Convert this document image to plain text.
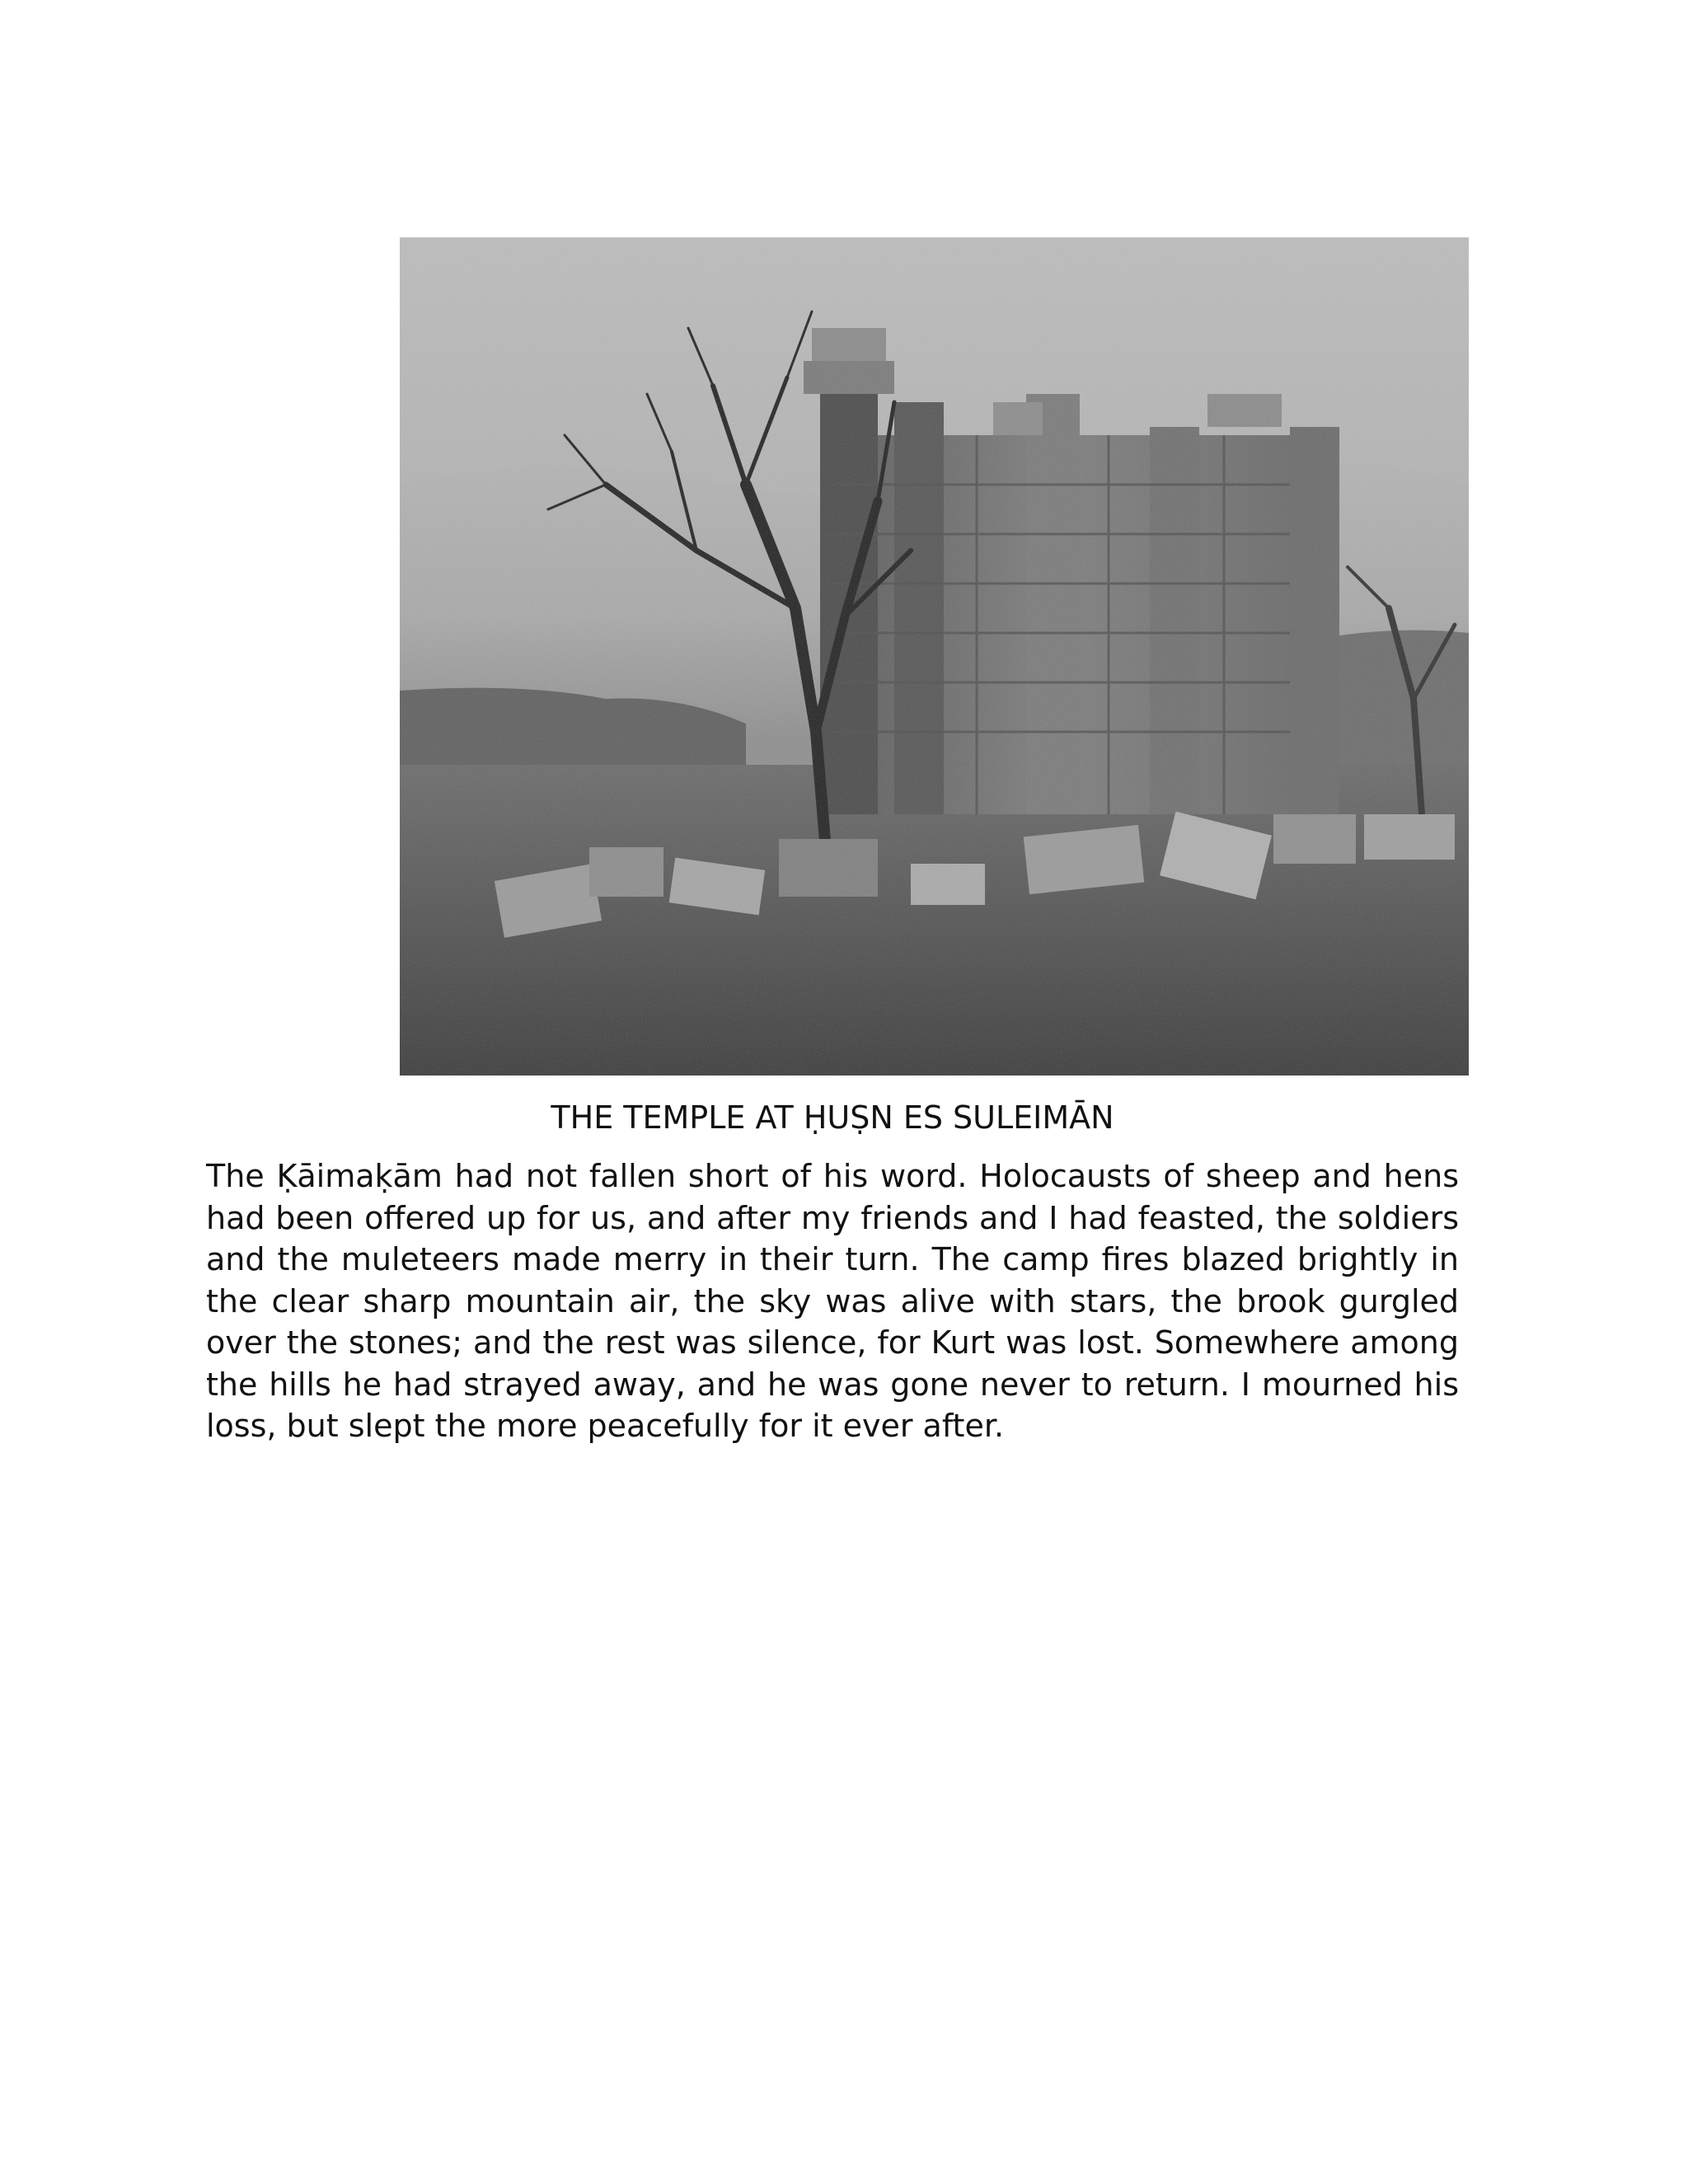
THE TEMPLE AT ḤUṢN ES SULEIMĀN

The Ḳāimaḳām had not fallen short of his word. Holocausts of sheep and hens had been offered up for us, and after my friends and I had feasted, the soldiers and the muleteers made merry in their turn. The camp fires blazed brightly in the clear sharp mountain air, the sky was alive with stars, the brook gurgled over the stones; and the rest was silence, for Kurt was lost. Somewhere among the hills he had strayed away, and he was gone never to return. I mourned his loss, but slept the more peacefully for it ever after.
